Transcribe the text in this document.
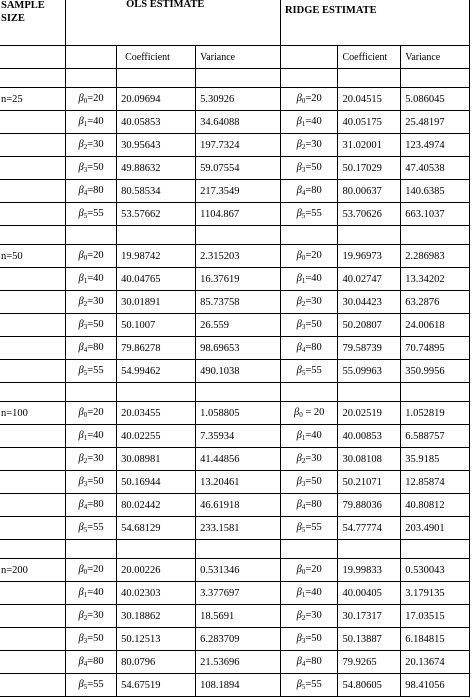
SAMPLE SIZE	OLS ESTIMATE			RIDGE ESTIMATE		
		Coefficient	Variance		Coefficient	Variance

n=25	$\beta_0=20$	20.09694	5.30926	$\beta_0=20$	20.04515	5.086045
	$\beta_1=40$	40.05853	34.64088	$\beta_1=40$	40.05175	25.48197
	$\beta_2=30$	30.95643	197.7324	$\beta_2=30$	31.02001	123.4974
	$\beta_3=50$	49.88632	59.07554	$\beta_3=50$	50.17029	47.40538
	$\beta_4=80$	80.58534	217.3549	$\beta_4=80$	80.00637	140.6385
	$\beta_5=55$	53.57662	1104.867	$\beta_5=55$	53.70626	663.1037

n=50	$\beta_0=20$	19.98742	2.315203	$\beta_0=20$	19.96973	2.286983
	$\beta_1=40$	40.04765	16.37619	$\beta_1=40$	40.02747	13.34202
	$\beta_2=30$	30.01891	85.73758	$\beta_2=30$	30.04423	63.2876
	$\beta_3=50$	50.1007	26.559	$\beta_3=50$	50.20807	24.00618
	$\beta_4=80$	79.86278	98.69653	$\beta_4=80$	79.58739	70.74895
	$\beta_5=55$	54.99462	490.1038	$\beta_5=55$	55.09963	350.9956

n=100	$\beta_0=20$	20.03455	1.058805	$\beta_0 = 20$	20.02519	1.052819
	$\beta_1=40$	40.02255	7.35934	$\beta_1=40$	40.00853	6.588757
	$\beta_2=30$	30.08981	41.44856	$\beta_2=30$	30.08108	35.9185
	$\beta_3=50$	50.16944	13.20461	$\beta_3=50$	50.21071	12.85874
	$\beta_4=80$	80.02442	46.61918	$\beta_4=80$	79.88036	40.80812
	$\beta_5=55$	54.68129	233.1581	$\beta_5=55$	54.77774	203.4901

n=200	$\beta_0=20$	20.00226	0.531346	$\beta_0=20$	19.99833	0.530043
	$\beta_1=40$	40.02303	3.377697	$\beta_1=40$	40.00405	3.179135
	$\beta_2=30$	30.18862	18.5691	$\beta_2=30$	30.17317	17.03515
	$\beta_3=50$	50.12513	6.283709	$\beta_3=50$	50.13887	6.184815
	$\beta_4=80$	80.0796	21.53696	$\beta_4=80$	79.9265	20.13674
	$\beta_5=55$	54.67519	108.1894	$\beta_5=55$	54.80605	98.41056
